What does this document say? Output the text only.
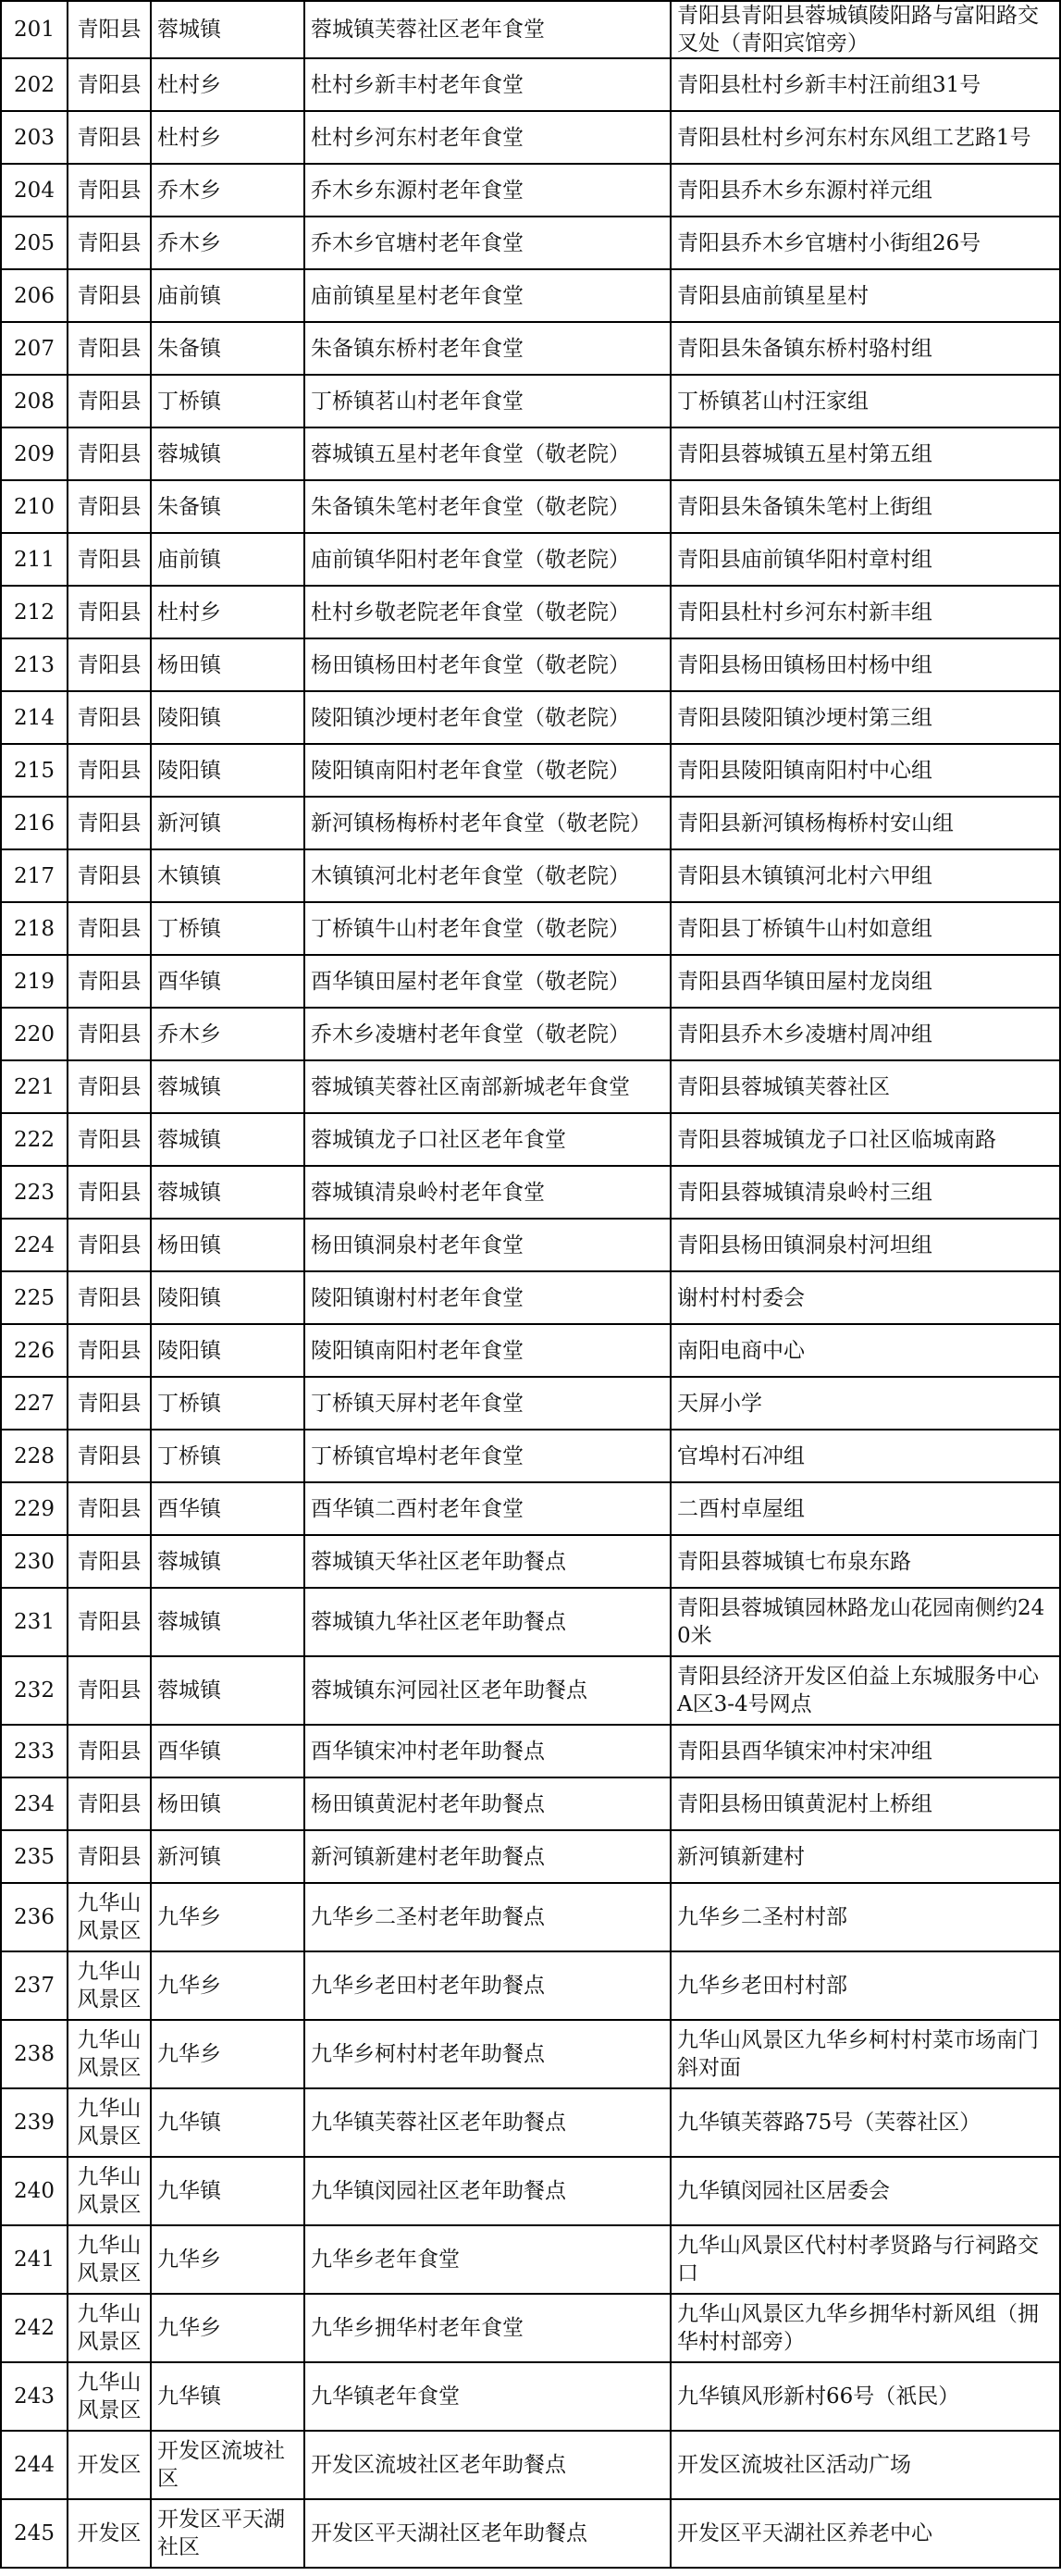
201	青阳县	蓉城镇	蓉城镇芙蓉社区老年食堂	青阳县青阳县蓉城镇陵阳路与富阳路交叉处（青阳宾馆旁）
202	青阳县	杜村乡	杜村乡新丰村老年食堂	青阳县杜村乡新丰村汪前组31号
203	青阳县	杜村乡	杜村乡河东村老年食堂	青阳县杜村乡河东村东风组工艺路1号
204	青阳县	乔木乡	乔木乡东源村老年食堂	青阳县乔木乡东源村祥元组
205	青阳县	乔木乡	乔木乡官塘村老年食堂	青阳县乔木乡官塘村小街组26号
206	青阳县	庙前镇	庙前镇星星村老年食堂	青阳县庙前镇星星村
207	青阳县	朱备镇	朱备镇东桥村老年食堂	青阳县朱备镇东桥村骆村组
208	青阳县	丁桥镇	丁桥镇茗山村老年食堂	丁桥镇茗山村汪家组
209	青阳县	蓉城镇	蓉城镇五星村老年食堂（敬老院）	青阳县蓉城镇五星村第五组
210	青阳县	朱备镇	朱备镇朱笔村老年食堂（敬老院）	青阳县朱备镇朱笔村上街组
211	青阳县	庙前镇	庙前镇华阳村老年食堂（敬老院）	青阳县庙前镇华阳村章村组
212	青阳县	杜村乡	杜村乡敬老院老年食堂（敬老院）	青阳县杜村乡河东村新丰组
213	青阳县	杨田镇	杨田镇杨田村老年食堂（敬老院）	青阳县杨田镇杨田村杨中组
214	青阳县	陵阳镇	陵阳镇沙埂村老年食堂（敬老院）	青阳县陵阳镇沙埂村第三组
215	青阳县	陵阳镇	陵阳镇南阳村老年食堂（敬老院）	青阳县陵阳镇南阳村中心组
216	青阳县	新河镇	新河镇杨梅桥村老年食堂（敬老院）	青阳县新河镇杨梅桥村安山组
217	青阳县	木镇镇	木镇镇河北村老年食堂（敬老院）	青阳县木镇镇河北村六甲组
218	青阳县	丁桥镇	丁桥镇牛山村老年食堂（敬老院）	青阳县丁桥镇牛山村如意组
219	青阳县	酉华镇	酉华镇田屋村老年食堂（敬老院）	青阳县酉华镇田屋村龙岗组
220	青阳县	乔木乡	乔木乡凌塘村老年食堂（敬老院）	青阳县乔木乡凌塘村周冲组
221	青阳县	蓉城镇	蓉城镇芙蓉社区南部新城老年食堂	青阳县蓉城镇芙蓉社区
222	青阳县	蓉城镇	蓉城镇龙子口社区老年食堂	青阳县蓉城镇龙子口社区临城南路
223	青阳县	蓉城镇	蓉城镇清泉岭村老年食堂	青阳县蓉城镇清泉岭村三组
224	青阳县	杨田镇	杨田镇洞泉村老年食堂	青阳县杨田镇洞泉村河坦组
225	青阳县	陵阳镇	陵阳镇谢村村老年食堂	谢村村村委会
226	青阳县	陵阳镇	陵阳镇南阳村老年食堂	南阳电商中心
227	青阳县	丁桥镇	丁桥镇天屏村老年食堂	天屏小学
228	青阳县	丁桥镇	丁桥镇官埠村老年食堂	官埠村石冲组
229	青阳县	酉华镇	酉华镇二酉村老年食堂	二酉村卓屋组
230	青阳县	蓉城镇	蓉城镇天华社区老年助餐点	青阳县蓉城镇七布泉东路
231	青阳县	蓉城镇	蓉城镇九华社区老年助餐点	青阳县蓉城镇园林路龙山花园南侧约240米
232	青阳县	蓉城镇	蓉城镇东河园社区老年助餐点	青阳县经济开发区伯益上东城服务中心A区3-4号网点
233	青阳县	酉华镇	酉华镇宋冲村老年助餐点	青阳县酉华镇宋冲村宋冲组
234	青阳县	杨田镇	杨田镇黄泥村老年助餐点	青阳县杨田镇黄泥村上桥组
235	青阳县	新河镇	新河镇新建村老年助餐点	新河镇新建村
236	九华山风景区	九华乡	九华乡二圣村老年助餐点	九华乡二圣村村部
237	九华山风景区	九华乡	九华乡老田村老年助餐点	九华乡老田村村部
238	九华山风景区	九华乡	九华乡柯村村老年助餐点	九华山风景区九华乡柯村村菜市场南门斜对面
239	九华山风景区	九华镇	九华镇芙蓉社区老年助餐点	九华镇芙蓉路75号（芙蓉社区）
240	九华山风景区	九华镇	九华镇闵园社区老年助餐点	九华镇闵园社区居委会
241	九华山风景区	九华乡	九华乡老年食堂	九华山风景区代村村孝贤路与行祠路交口
242	九华山风景区	九华乡	九华乡拥华村老年食堂	九华山风景区九华乡拥华村新风组（拥华村村部旁）
243	九华山风景区	九华镇	九华镇老年食堂	九华镇风形新村66号（祇民）
244	开发区	开发区流坡社区	开发区流坡社区老年助餐点	开发区流坡社区活动广场
245	开发区	开发区平天湖社区	开发区平天湖社区老年助餐点	开发区平天湖社区养老中心
